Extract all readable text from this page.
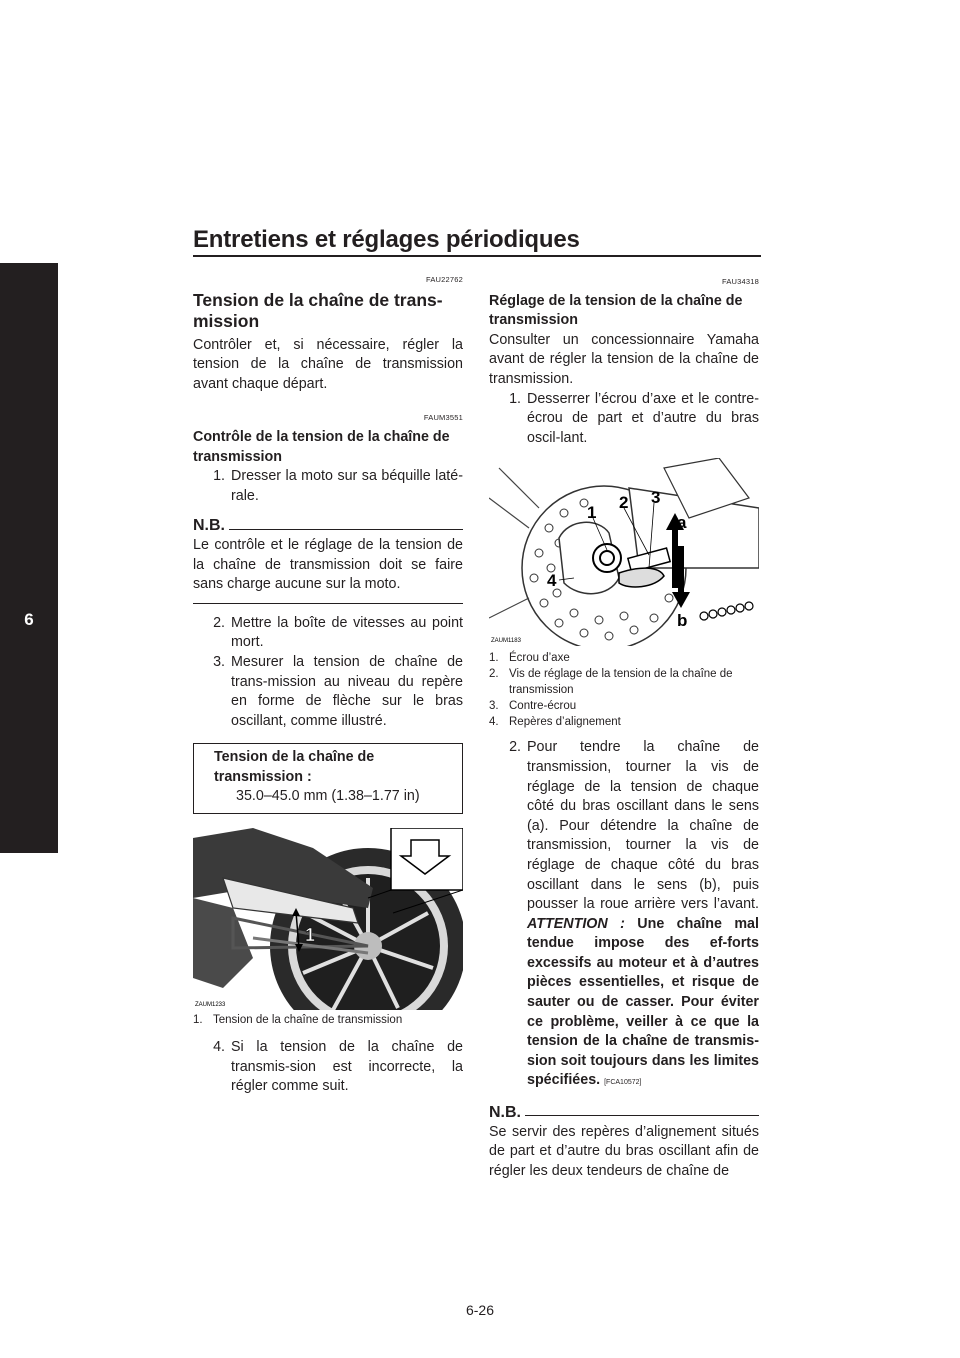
Entretiens et réglages périodiques
6
FAU22762
Tension de la chaîne de trans-
mission

Contrôler et, si nécessaire, régler la tension de la chaîne de transmission avant chaque départ.

FAUM3551
Contrôle de la tension de la chaîne de transmission
1. Dresser la moto sur sa béquille laté-rale.
N.B.

Le contrôle et le réglage de la tension de la chaîne de transmission doit se faire sans charge aucune sur la moto.

2. Mettre la boîte de vitesses au point mort.
3. Mesurer la tension de chaîne de trans-mission au niveau du repère en forme de flèche sur le bras oscillant, comme illustré.
Tension de la chaîne de transmission :
35.0–45.0 mm (1.38–1.77 in)
1
ZAUM1233
1. Tension de la chaîne de transmission
4. Si la tension de la chaîne de transmis-sion est incorrecte, la régler comme suit.
FAU34318
Réglage de la tension de la chaîne de transmission

Consulter un concessionnaire Yamaha avant de régler la tension de la chaîne de transmission.

1. Desserrer l’écrou d’axe et le contre-écrou de part et d’autre du bras oscil-lant.
1
2 3
4
a
b
ZAUM1183
1. Écrou d’axe
2. Vis de réglage de la tension de la chaîne de transmission
3. Contre-écrou
4. Repères d’alignement
2. Pour tendre la chaîne de transmission, tourner la vis de réglage de la tension de chaque côté du bras oscillant dans le sens (a). Pour détendre la chaîne de transmission, tourner la vis de réglage de chaque côté du bras oscillant dans le sens (b), puis pousser la roue arrière vers l’avant. ATTENTION : Une chaîne mal tendue impose des ef-forts excessifs au moteur et à d’autres pièces essentielles, et risque de sauter ou de casser. Pour éviter ce problème, veiller à ce que la tension de la chaîne de transmis-sion soit toujours dans les limites spécifiées. [FCA10572]
N.B.

Se servir des repères d’alignement situés de part et d’autre du bras oscillant afin de régler les deux tendeurs de chaîne de

6-26
